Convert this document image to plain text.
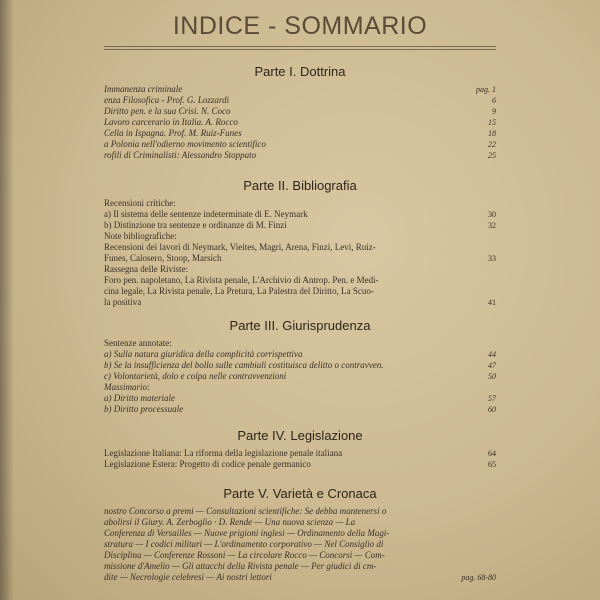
INDICE - SOMMARIO
Parte I. Dottrina
Immanenza criminale	pag. 1
enza Filosofica - Prof. G. Lozzardi	6
Diritto pen. e la sua Crisi. N. Coco	9
Lavoro carcerario in Italia. A. Rocco	15
Cella in Ispagna. Prof. M. Ruiz-Funes	18
a Polonia nell'odierno movimento scientifico	22
rofili di Criminalisti: Alessandro Stoppato	25
Parte II. Bibliografia
Recensioni critiche:
a) Il sistema delle sentenze indeterminate di E. Neymark	30
b) Distinzione tra sentenze e ordinanze di M. Finzi	32
Note bibliografiche:
Recensioni dei lavori di Neymark, Vieites, Magri, Arena, Finzi, Levi, Ruiz-
Funes, Calosero, Stoop, Marsich	33
Rassegna delle Riviste:
Foro pen. napoletano, La Rivista penale, L'Archivio di Antrop. Pen. e Medi-
cina legale, La Rivista penale, La Pretura, La Palestra del Diritto, La Scuo-
la positiva	41
Parte III. Giurisprudenza
Sentenze annotate:
a) Sulla natura giuridica della complicità corrispettiva	44
b) Se la insufficienza del bollo sulle cambiali costituisca delitto o contravven.	47
c) Volontarietà, dolo e colpa nelle contravvenzioni	50
Massimario:
a) Diritto materiale	57
b) Diritto processuale	60
Parte IV. Legislazione
Legislazione Italiana: La riforma della legislazione penale italiana	64
Legislazione Estera: Progetto di codice penale germanico	65
Parte V. Varietà e Cronaca
nostro Concorso a premi — Consultazioni scientifiche: Se debba mantenersi o
abolirsi il Giury. A. Zerboglio · D. Rende — Una nuova scienza — La
Conferenza di Versailles — Nuove prigioni inglesi — Ordinamento della Magi-
stratura — I codici militari — L'ordinamento corporativo — Nel Consiglio di
Disciplina — Conferenze Rossoni — La circolare Rocco — Concorsi — Com-
missione d'Amelio — Gli attacchi della Rivista penale — Per giudici di cm-
dite — Necrologie celebresi — Ai nostri lettori	pag. 68-80
